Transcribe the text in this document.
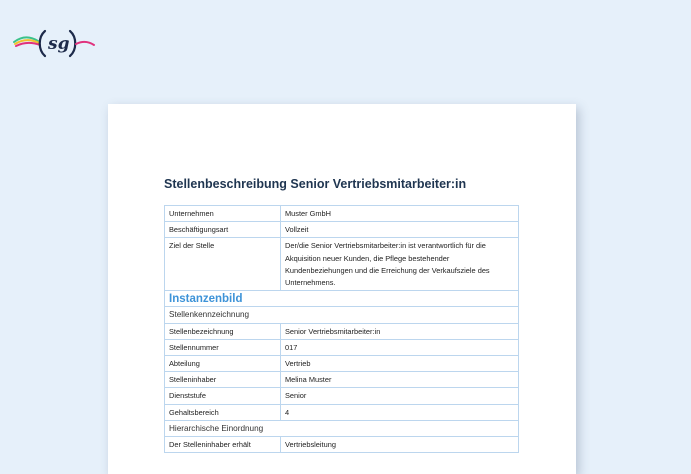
sg
Stellenbeschreibung Senior Vertriebsmitarbeiter:in
Unternehmen	Muster GmbH
Beschäftigungsart	Vollzeit
Ziel der Stelle	Der/die Senior Vertriebsmitarbeiter:in ist verantwortlich für die Akquisition neuer Kunden, die Pflege bestehender Kundenbeziehungen und die Erreichung der Verkaufsziele des Unternehmens.
Instanzenbild	
Stellenkennzeichnung	
Stellenbezeichnung	Senior Vertriebsmitarbeiter:in
Stellennummer	017
Abteilung	Vertrieb
Stelleninhaber	Melina Muster
Dienststufe	Senior
Gehaltsbereich	4
Hierarchische Einordnung	
Der Stelleninhaber erhält	Vertriebsleitung
